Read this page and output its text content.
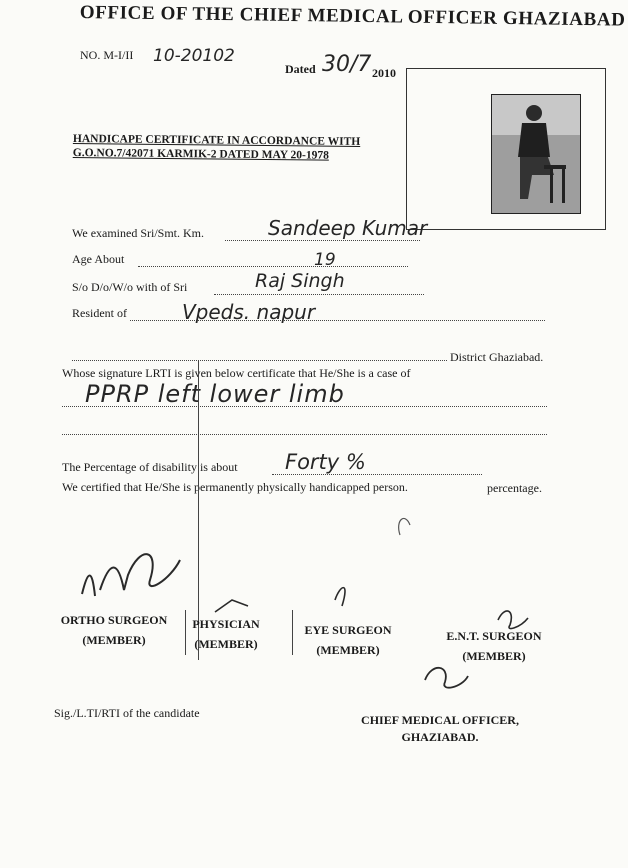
OFFICE OF THE CHIEF MEDICAL OFFICER GHAZIABAD
NO. M-I/II 10-20102
Dated 30/7 2010
HANDICAPE CERTIFICATE IN ACCORDANCE WITH
G.O.NO.7/42071 KARMIK-2 DATED MAY 20-1978
We examined Sri/Smt. Km.	Sandeep Kumar
Age About	19
S/o D/o/W/o with of Sri	Raj Singh
Resident of	Vpeds. napur
District Ghaziabad.
Whose signature LRTI is given below certificate that He/She is a case of
PPRP left lower limb
The Percentage of disability is about Forty %
percentage.
We certified that He/She is permanently physically handicapped person.
ORTHO SURGEON
(MEMBER)
PHYSICIAN
(MEMBER)
EYE SURGEON
(MEMBER)
E.N.T. SURGEON
(MEMBER)
Sig./L.TI/RTI of the candidate	CHIEF MEDICAL OFFICER,
GHAZIABAD.
